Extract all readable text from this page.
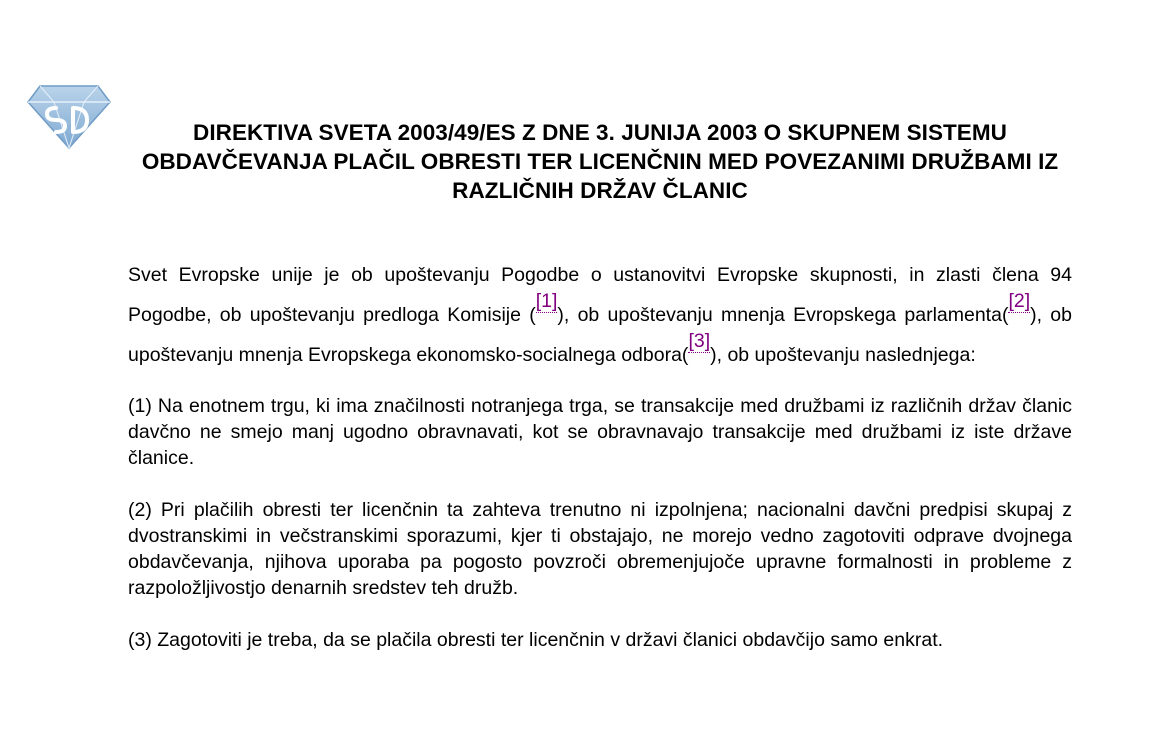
DIREKTIVA SVETA 2003/49/ES Z DNE 3. JUNIJA 2003 O SKUPNEM SISTEMU OBDAVČEVANJA PLAČIL OBRESTI TER LICENČNIN MED POVEZANIMI DRUŽBAMI IZ RAZLIČNIH DRŽAV ČLANIC

Svet Evropske unije je ob upoštevanju Pogodbe o ustanovitvi Evropske skupnosti, in zlasti člena 94 Pogodbe, ob upoštevanju predloga Komisije ([1]), ob upoštevanju mnenja Evropskega parlamenta([2]), ob upoštevanju mnenja Evropskega ekonomsko-socialnega odbora([3]), ob upoštevanju naslednjega:

(1) Na enotnem trgu, ki ima značilnosti notranjega trga, se transakcije med družbami iz različnih držav članic davčno ne smejo manj ugodno obravnavati, kot se obravnavajo transakcije med družbami iz iste države članice.

(2) Pri plačilih obresti ter licenčnin ta zahteva trenutno ni izpolnjena; nacionalni davčni predpisi skupaj z dvostranskimi in večstranskimi sporazumi, kjer ti obstajajo, ne morejo vedno zagotoviti odprave dvojnega obdavčevanja, njihova uporaba pa pogosto povzroči obremenjujoče upravne formalnosti in probleme z razpoložljivostjo denarnih sredstev teh družb.

(3) Zagotoviti je treba, da se plačila obresti ter licenčnin v državi članici obdavčijo samo enkrat.
